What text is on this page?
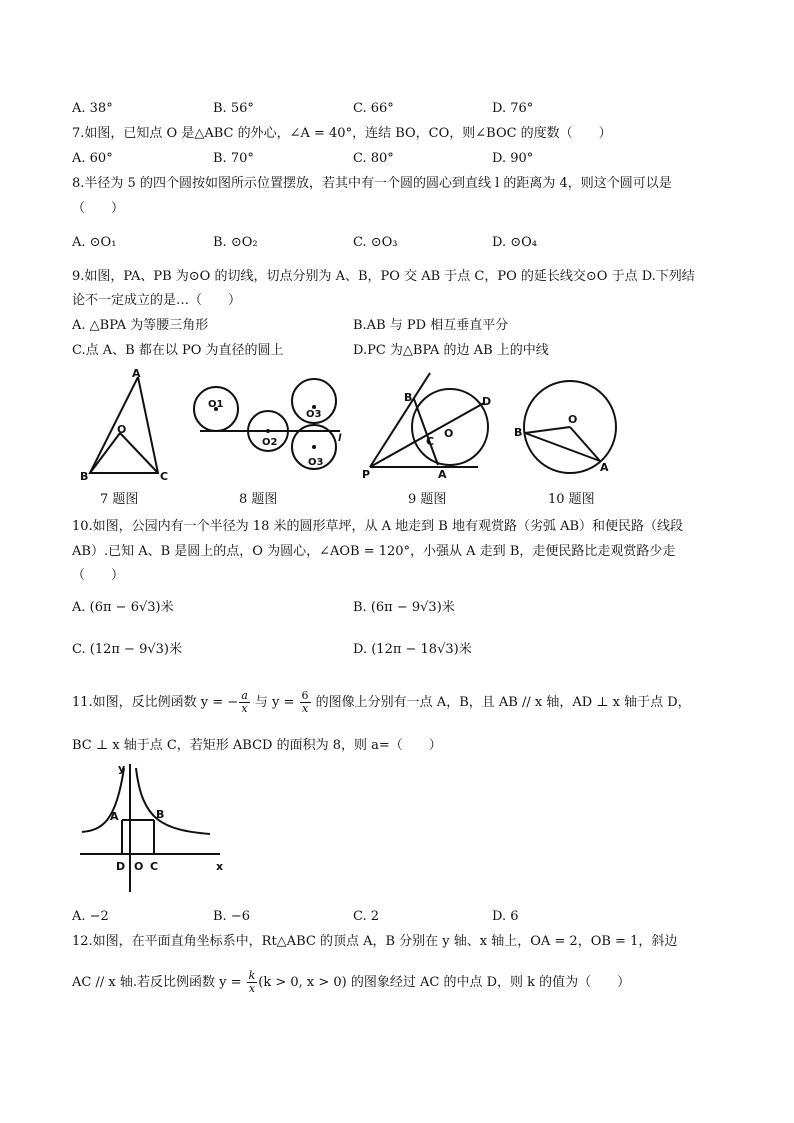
A. 38°	B. 56°	C. 66°	D. 76°
7.如图，已知点 O 是△ABC 的外心，∠A = 40°，连结 BO，CO，则∠BOC 的度数（　　）
A. 60°	B. 70°	C. 80°	D. 90°
8.半径为 5 的四个圆按如图所示位置摆放，若其中有一个圆的圆心到直线 l 的距离为 4，则这个圆可以是
（　　）
A. ⊙O₁	B. ⊙O₂	C. ⊙O₃	D. ⊙O₄
9.如图，PA、PB 为⊙O 的切线，切点分别为 A、B，PO 交 AB 于点 C，PO 的延长线交⊙O 于点 D.下列结
论不一定成立的是…（　　）
A. △BPA 为等腰三角形	B.AB 与 PD 相互垂直平分
C.点 A、B 都在以 PO 为直径的圆上	D.PC 为△BPA 的边 AB 上的中线
A
O
B	C
O1
O2
O3
O3
l
B	D
O
C
P	A
O
B
A
7 题图	8 题图	9 题图	10 题图
10.如图，公园内有一个半径为 18 米的圆形草坪，从 A 地走到 B 地有观赏路（劣弧 AB）和便民路（线段
AB）.已知 A、B 是圆上的点，O 为圆心，∠AOB = 120°，小强从 A 走到 B，走便民路比走观赏路少走
（　　）
A. (6π − 6√3)米	B. (6π − 9√3)米
C. (12π − 9√3)米	D. (12π − 18√3)米
11.如图，反比例函数 y = − $\frac{a}{x}$ 与 $y = \frac{6}{x}$ 的图像上分别有一点 A，B，且 AB // x 轴，AD ⊥ x 轴于点 D，
BC ⊥ x 轴于点 C，若矩形 ABCD 的面积为 8，则 a=（　　）
y
x
A	B
D O C
A. −2	B. −6	C. 2	D. 6
12.如图，在平面直角坐标系中，Rt△ABC 的顶点 A，B 分别在 y 轴、x 轴上，OA = 2，OB = 1，斜边
AC // x 轴.若反比例函数 $y = \frac{k}{x} (k > 0$, x > 0) 的图象经过 AC 的中点 D，则 k 的值为（　　）
